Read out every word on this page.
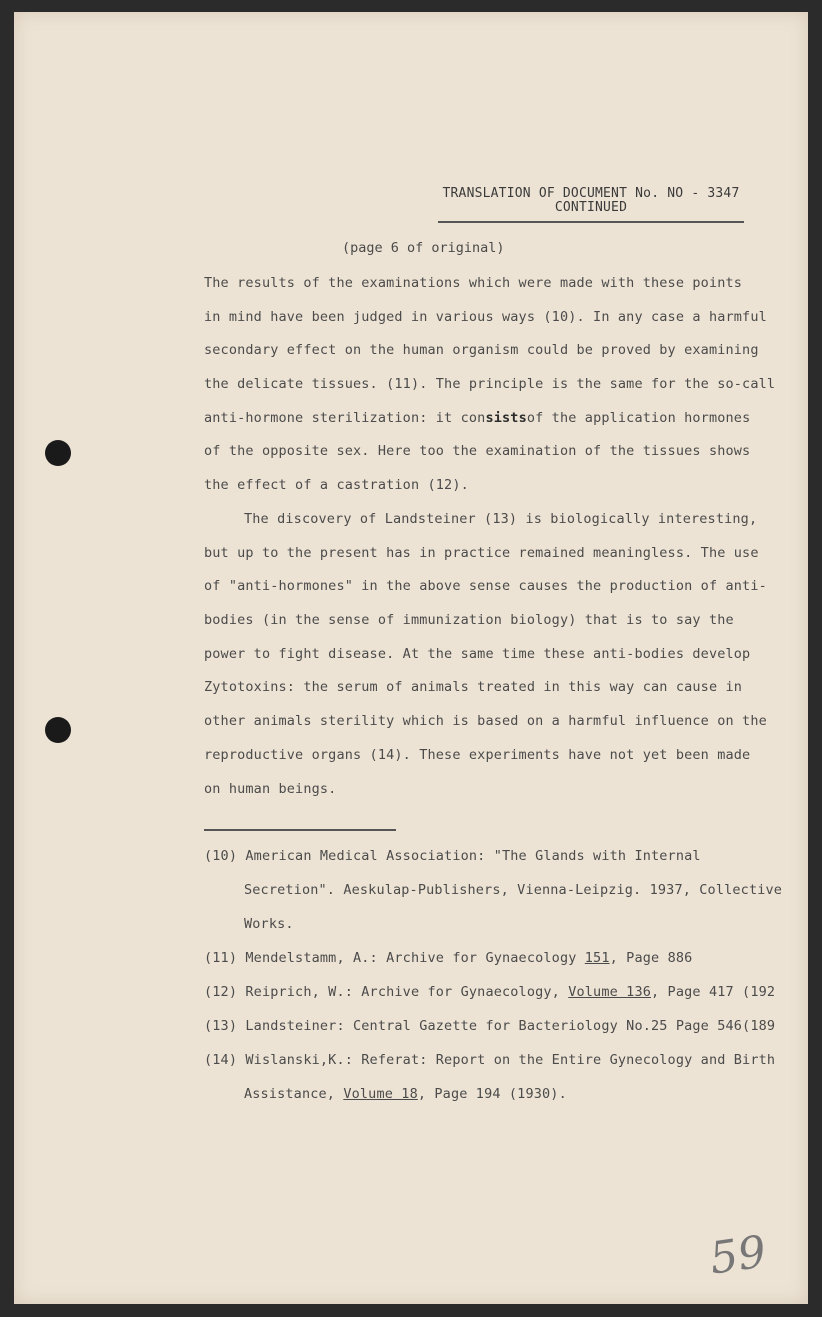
TRANSLATION OF DOCUMENT No. NO - 3347
CONTINUED
(page 6 of original)
The results of the examinations which were made with these points
in mind have been judged in various ways (10). In any case a harmful
secondary effect on the human organism could be proved by examining
the delicate tissues. (11). The principle is the same for the so-call
anti-hormone sterilization: it consistsof the application hormones
of the opposite sex. Here too the examination of the tissues shows
the effect of a castration (12).
The discovery of Landsteiner (13) is biologically interesting,
but up to the present has in practice remained meaningless. The use
of "anti-hormones" in the above sense causes the production of anti-
bodies (in the sense of immunization biology) that is to say the
power to fight disease. At the same time these anti-bodies develop
Zytotoxins: the serum of animals treated in this way can cause in
other animals sterility which is based on a harmful influence on the
reproductive organs (14). These experiments have not yet been made
on human beings.
(10) American Medical Association: "The Glands with Internal
Secretion". Aeskulap-Publishers, Vienna-Leipzig. 1937, Collective
Works.
(11) Mendelstamm, A.: Archive for Gynaecology 151, Page 886
(12) Reiprich, W.: Archive for Gynaecology, Volume 136, Page 417 (192
(13) Landsteiner: Central Gazette for Bacteriology No.25 Page 546(189
(14) Wislanski,K.: Referat: Report on the Entire Gynecology and Birth
Assistance, Volume 18, Page 194 (1930).
59
